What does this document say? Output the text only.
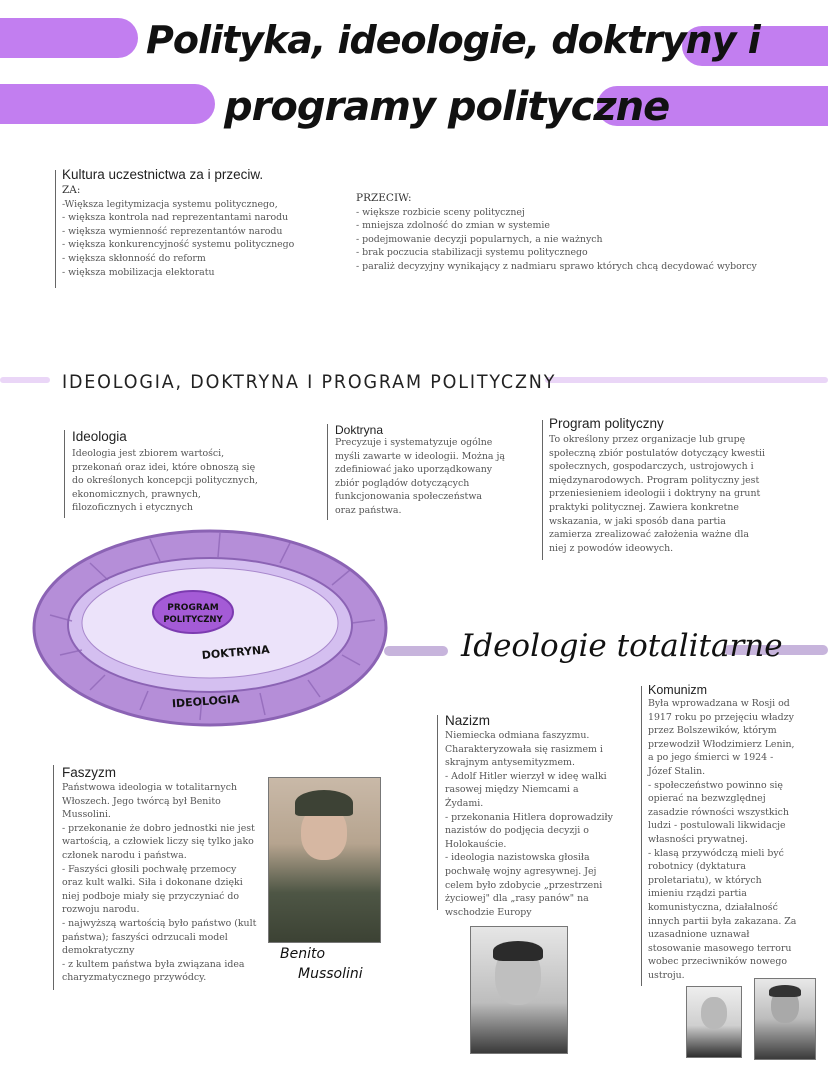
Polityka, ideologie, doktryny i
programy polityczne
Kultura uczestnictwa za i przeciw.

ZA:

-Większa legitymizacja systemu politycznego,

- większa kontrola nad reprezentantami narodu

- większa wymienność reprezentantów narodu

- większa konkurencyjność systemu politycznego

- większa skłonność do reform

- większa mobilizacja elektoratu

PRZECIW:

- większe rozbicie sceny politycznej

- mniejsza zdolność do zmian w systemie

- podejmowanie decyzji popularnych, a nie ważnych

- brak poczucia stabilizacji systemu politycznego

- paraliż decyzyjny wynikający z nadmiaru sprawo których chcą decydować wyborcy

IDEOLOGIA, DOKTRYNA I PROGRAM POLITYCZNY
Ideologia

Ideologia jest zbiorem wartości,

przekonań oraz idei, które obnoszą się

do określonych koncepcji politycznych,

ekonomicznych, prawnych,

filozoficznych i etycznych

Doktryna

Precyzuje i systematyzuje ogólne

myśli zawarte w ideologii. Można ją

zdefiniować jako uporządkowany

zbiór poglądów dotyczących

funkcjonowania społeczeństwa

oraz państwa.

Program polityczny

To określony przez organizacje lub grupę

społeczną zbiór postulatów dotyczący kwestii

społecznych, gospodarczych, ustrojowych i

międzynarodowych. Program polityczny jest

przeniesieniem ideologii i doktryny na grunt

praktyki politycznej. Zawiera konkretne

wskazania, w jaki sposób dana partia

zamierza zrealizować założenia ważne dla

niej z powodów ideowych.

PROGRAM
POLITYCZNY
DOKTRYNA
IDEOLOGIA
Ideologie totalitarne
Faszyzm

Państwowa ideologia w totalitarnych

Włoszech. Jego twórcą był Benito

Mussolini.

- przekonanie że dobro jednostki nie jest

wartością, a człowiek liczy się tylko jako

członek narodu i państwa.

- Faszyści głosili pochwałę przemocy

oraz kult walki. Siła i dokonane dzięki

niej podboje miały się przyczyniać do

rozwoju narodu.

- najwyższą wartością było państwo (kult

państwa); faszyści odrzucali model

demokratyczny

- z kultem państwa była związana idea

charyzmatycznego przywódcy.

Benito
Mussolini
Nazizm

Niemiecka odmiana faszyzmu.

Charakteryzowała się rasizmem i

skrajnym antysemityzmem.

- Adolf Hitler wierzył w ideę walki

rasowej między Niemcami a

Żydami.

- przekonania Hitlera doprowadziły

nazistów do podjęcia decyzji o

Holokauście.

- ideologia nazistowska głosiła

pochwałę wojny agresywnej. Jej

celem było zdobycie „przestrzeni

życiowej" dla „rasy panów" na

wschodzie Europy

Komunizm

Była wprowadzana w Rosji od

1917 roku po przejęciu władzy

przez Bolszewików, którym

przewodził Włodzimierz Lenin,

a po jego śmierci w 1924 -

Józef Stalin.

- społeczeństwo powinno się

opierać na bezwzględnej

zasadzie równości wszystkich

ludzi - postulowali likwidacje

własności prywatnej.

- klasą przywódczą mieli być

robotnicy (dyktatura

proletariatu), w których

imieniu rządzi partia

komunistyczna, działalność

innych partii była zakazana. Za

uzasadnione uznawał

stosowanie masowego terroru

wobec przeciwników nowego

ustroju.
